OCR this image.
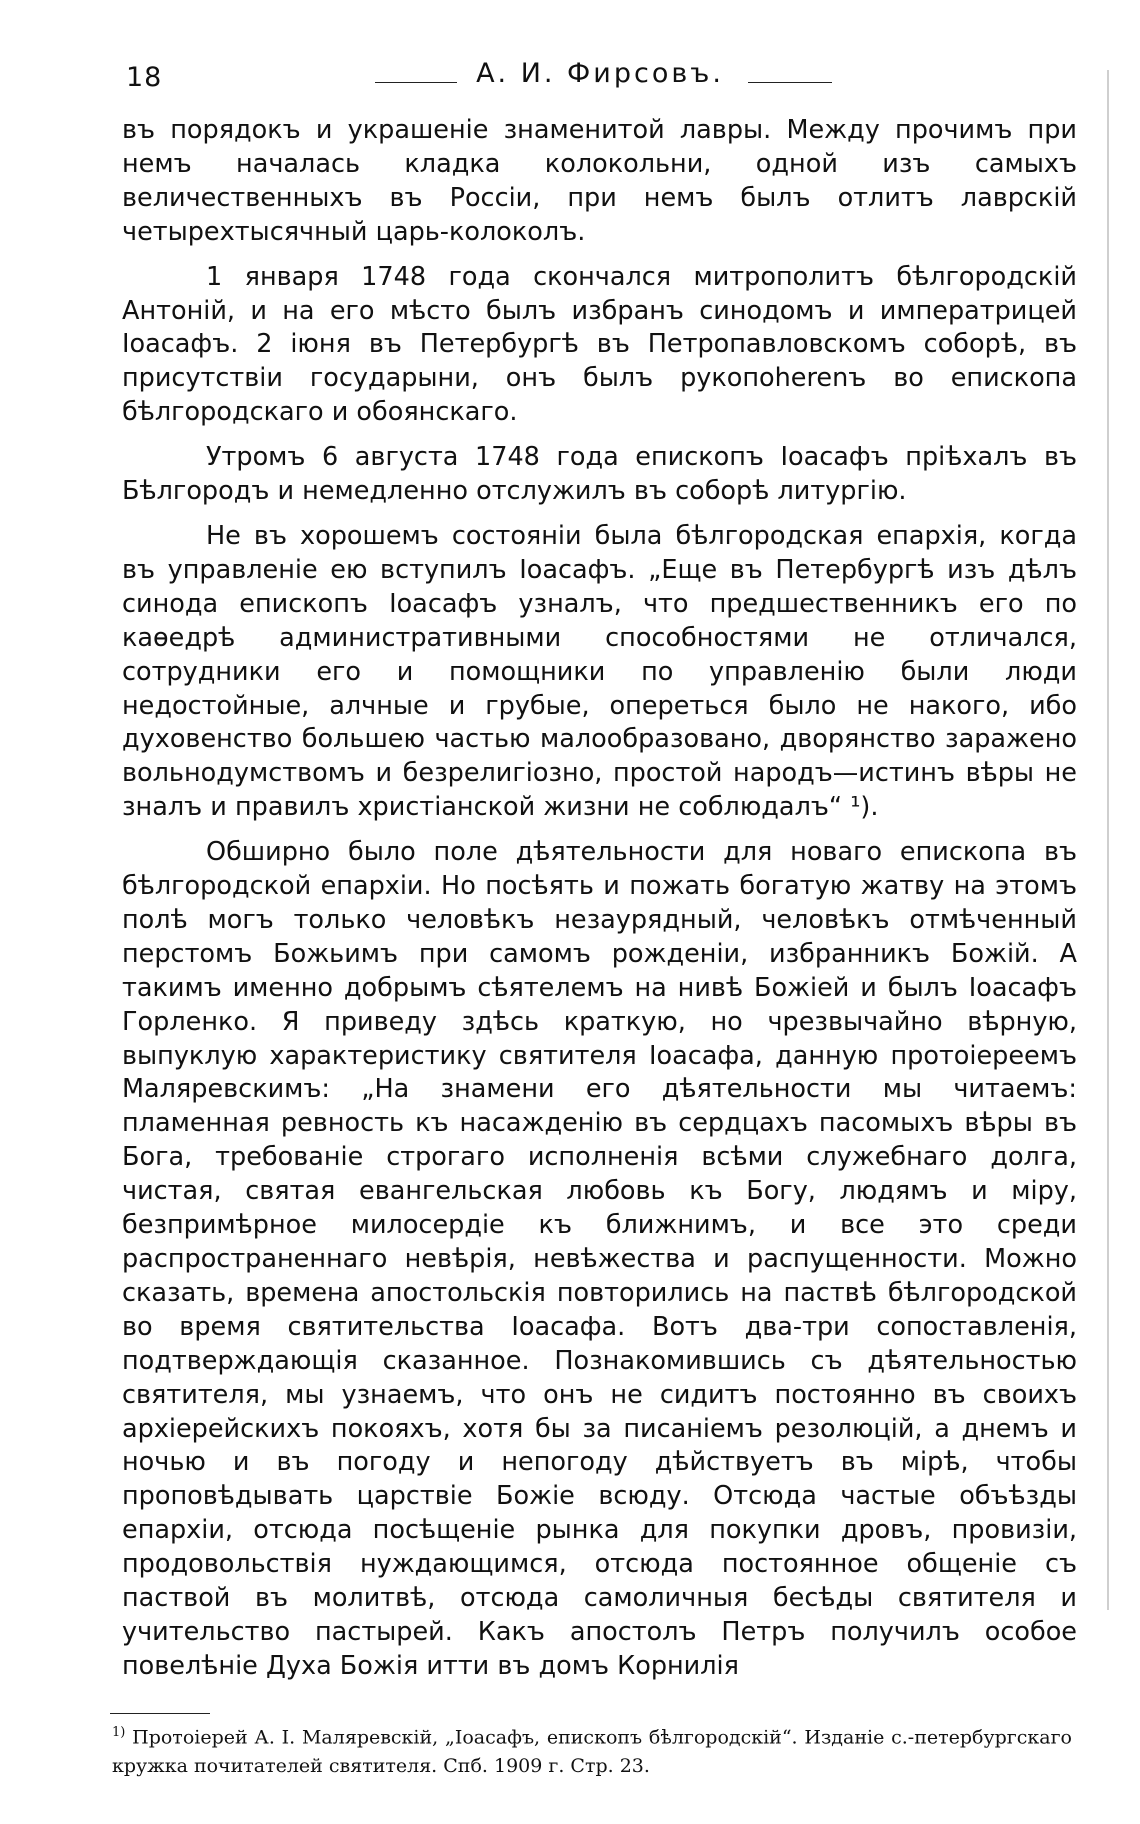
18	А. И. Фирсовъ.

въ порядокъ и украшеніе знаменитой лавры. Между прочимъ при немъ началась кладка колокольни, одной изъ самыхъ величественныхъ въ Россіи, при немъ былъ отлитъ лаврскій четырехтысячный царь-колоколъ.

1 января 1748 года скончался митрополитъ бѣлгородскій Антоній, и на его мѣсто былъ избранъ синодомъ и императрицей Іоасафъ. 2 іюня въ Петербургѣ въ Петропавловскомъ соборѣ, въ присутствіи государыни, онъ былъ рукопоherenъ во епископа бѣлгородскаго и обоянскаго.

Утромъ 6 августа 1748 года епископъ Іоасафъ пріѣхалъ въ Бѣлгородъ и немедленно отслужилъ въ соборѣ литургію.

Не въ хорошемъ состояніи была бѣлгородская епархія, когда въ управленіе ею вступилъ Іоасафъ. „Еще въ Петербургѣ изъ дѣлъ синода епископъ Іоасафъ узналъ, что предшественникъ его по каѳедрѣ административными способностями не отличался, сотрудники его и помощники по управленію были люди недостойные, алчные и грубые, опереться было не накого, ибо духовенство большею частью малообразовано, дворянство заражено вольнодумствомъ и безрелигіозно, простой народъ—истинъ вѣры не зналъ и правилъ христіанской жизни не соблюдалъ“ ¹).

Обширно было поле дѣятельности для новаго епископа въ бѣлгородской епархіи. Но посѣять и пожать богатую жатву на этомъ полѣ могъ только человѣкъ незаурядный, человѣкъ отмѣченный перстомъ Божьимъ при самомъ рожденіи, избранникъ Божій. А такимъ именно добрымъ сѣятелемъ на нивѣ Божіей и былъ Іоасафъ Горленко. Я приведу здѣсь краткую, но чрезвычайно вѣрную, выпуклую характеристику святителя Іоасафа, данную протоіереемъ Маляревскимъ: „На знамени его дѣятельности мы читаемъ: пламенная ревность къ насажденію въ сердцахъ пасомыхъ вѣры въ Бога, требованіе строгаго исполненія всѣми служебнаго долга, чистая, святая евангельская любовь къ Богу, людямъ и міру, безпримѣрное милосердіе къ ближнимъ, и все это среди распространеннаго невѣрія, невѣжества и распущенности. Можно сказать, времена апостольскія повторились на паствѣ бѣлгородской во время святительства Іоасафа. Вотъ два-три сопоставленія, подтверждающія сказанное. Познакомившись съ дѣятельностью святителя, мы узнаемъ, что онъ не сидитъ постоянно въ своихъ архіерейскихъ покояхъ, хотя бы за писаніемъ резолюцій, а днемъ и ночью и въ погоду и непогоду дѣйствуетъ въ мірѣ, чтобы проповѣдывать царствіе Божіе всюду. Отсюда частые объѣзды епархіи, отсюда посѣщеніе рынка для покупки дровъ, провизіи, продовольствія нуждающимся, отсюда постоянное общеніе съ паствой въ молитвѣ, отсюда самоличныя бесѣды святителя и учительство пастырей. Какъ апостолъ Петръ получилъ особое повелѣніе Духа Божія итти въ домъ Корнилія

$^{1)}$ Протоіерей А. І. Маляревскій, „Іоасафъ, епископъ бѣлгородскій“. Изданіе с.-петербургскаго кружка почитателей святителя. Спб. 1909 г. Стр. 23.
